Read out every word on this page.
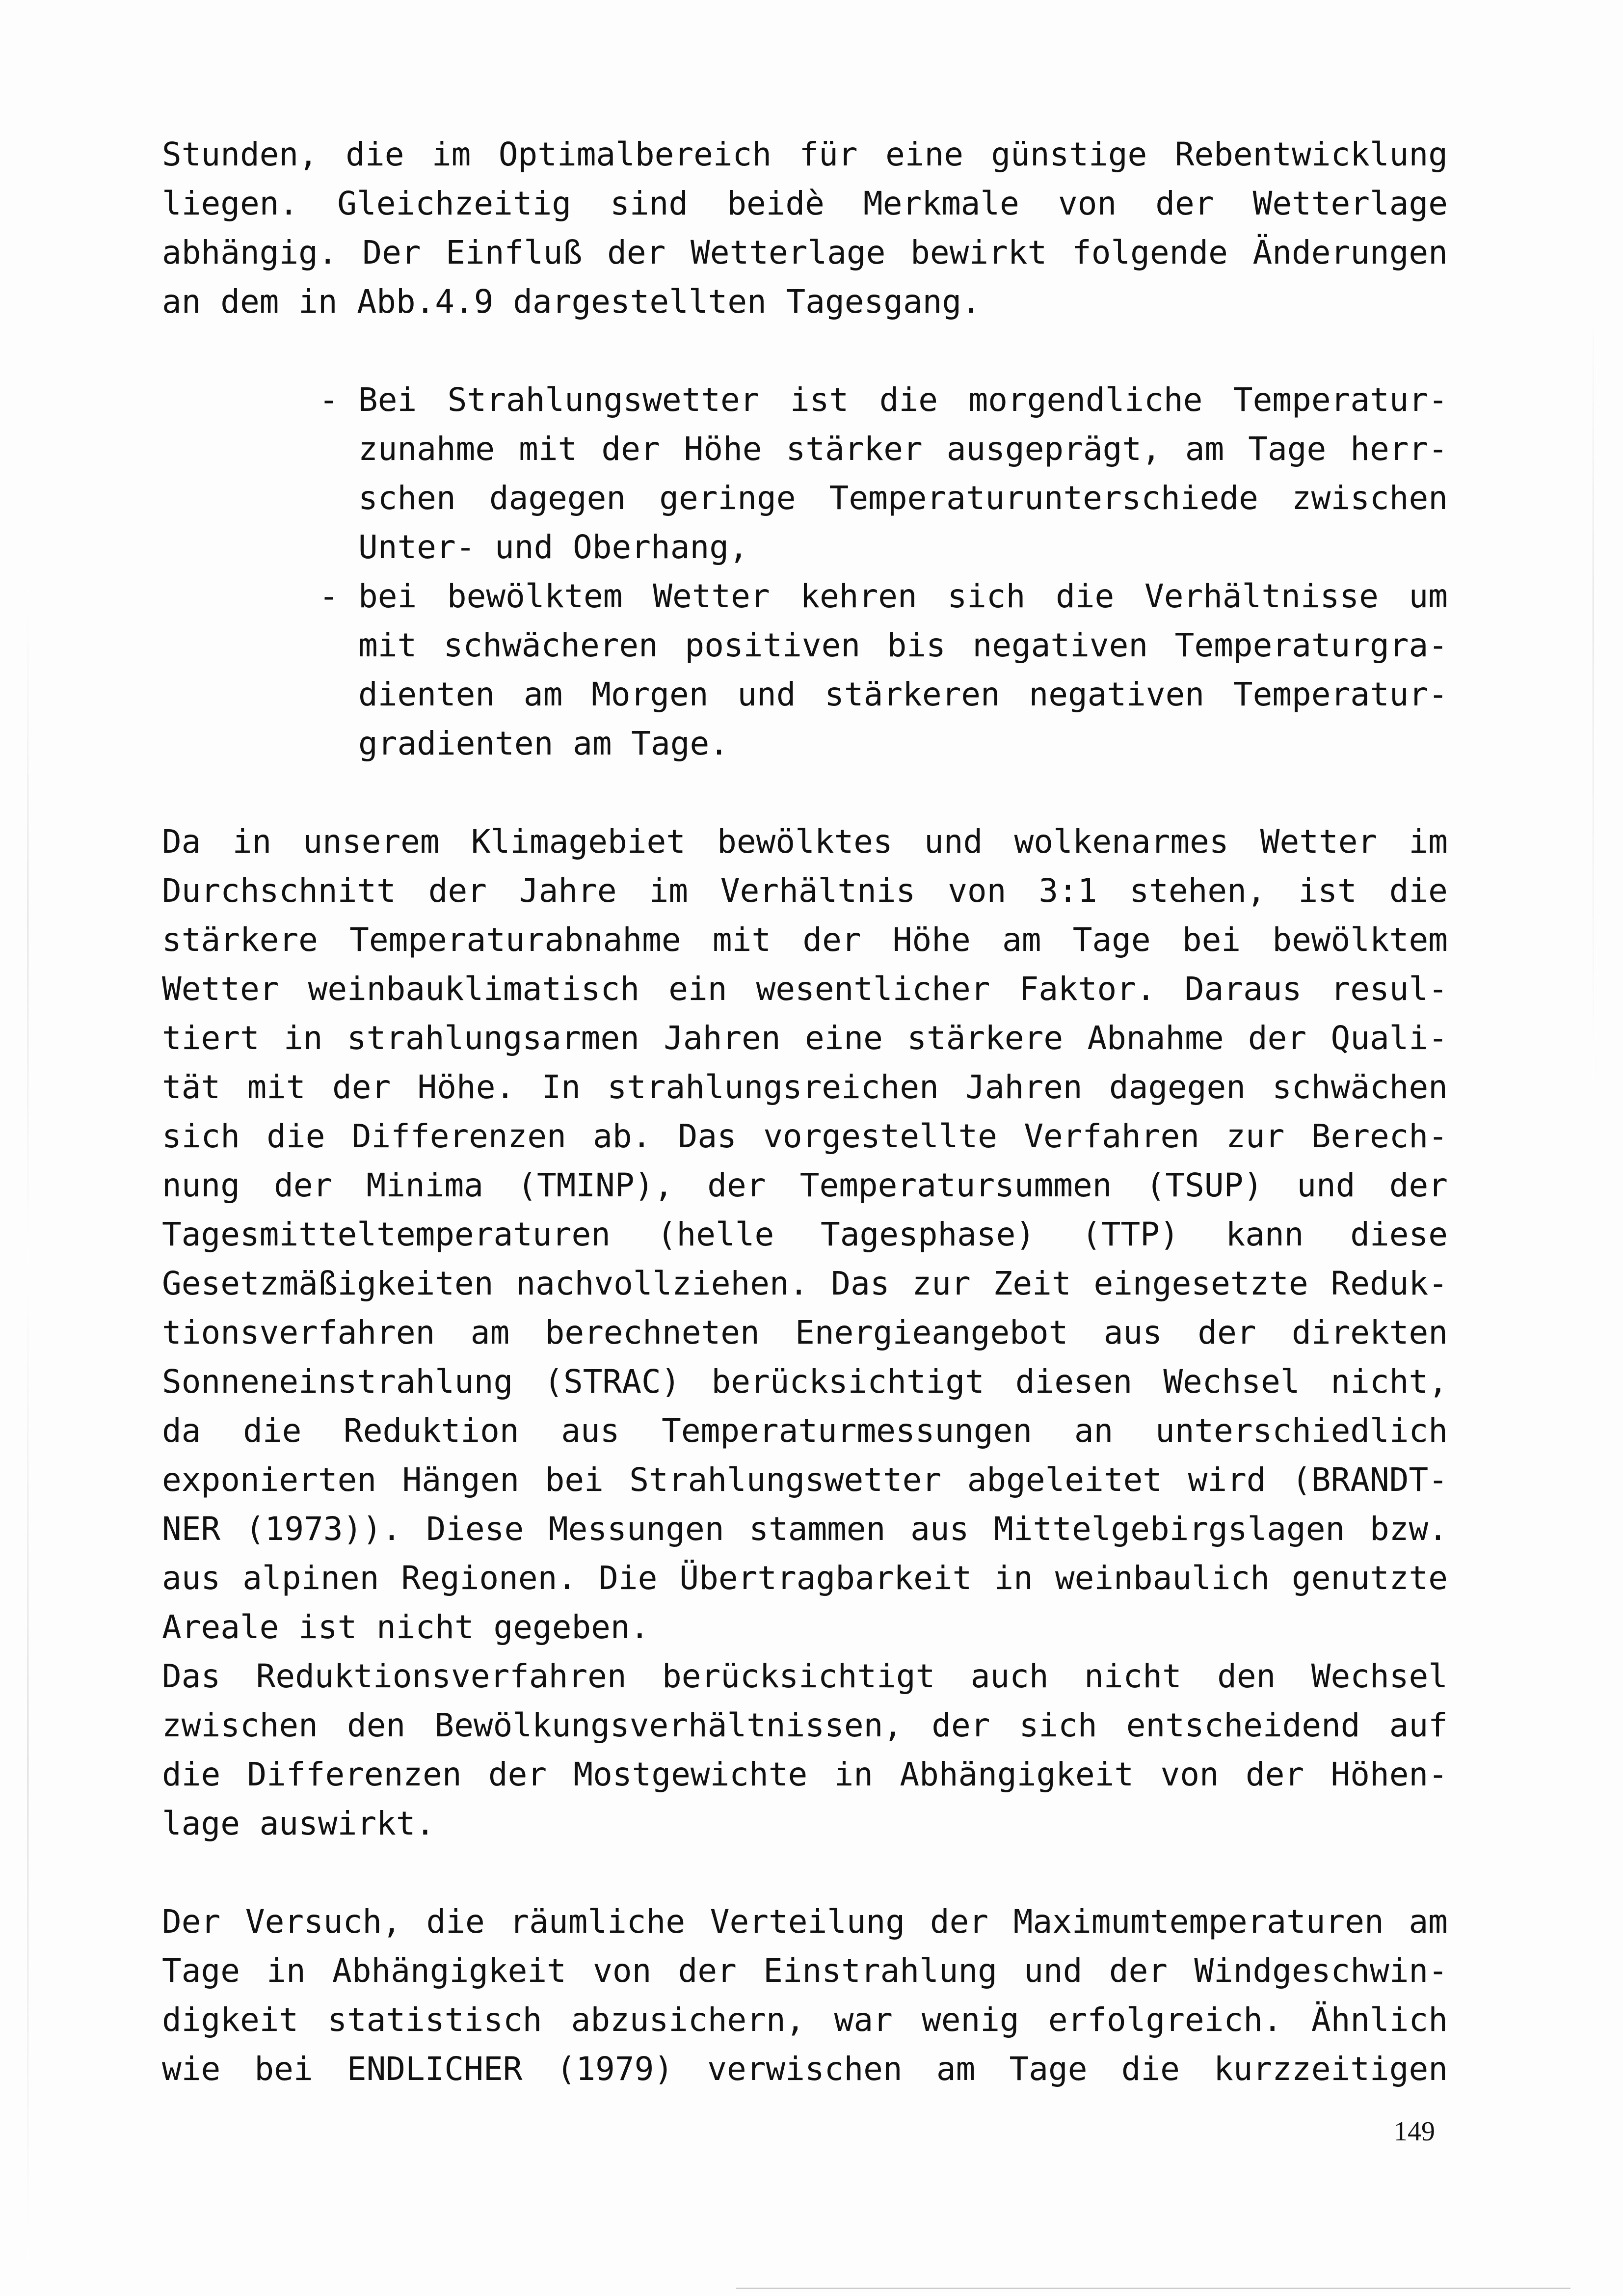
Stunden, die im Optimalbereich für eine günstige Rebentwicklung
liegen. Gleichzeitig sind beidè Merkmale von der Wetterlage
abhängig. Der Einfluß der Wetterlage bewirkt folgende Änderungen
an dem in Abb.4.9 dargestellten Tagesgang.
- Bei Strahlungswetter ist die morgendliche Temperatur-
zunahme mit der Höhe stärker ausgeprägt, am Tage herr-
schen dagegen geringe Temperaturunterschiede zwischen
Unter- und Oberhang,
- bei bewölktem Wetter kehren sich die Verhältnisse um
mit schwächeren positiven bis negativen Temperaturgra-
dienten am Morgen und stärkeren negativen Temperatur-
gradienten am Tage.
Da in unserem Klimagebiet bewölktes und wolkenarmes Wetter im
Durchschnitt der Jahre im Verhältnis von 3:1 stehen, ist die
stärkere Temperaturabnahme mit der Höhe am Tage bei bewölktem
Wetter weinbauklimatisch ein wesentlicher Faktor. Daraus resul-
tiert in strahlungsarmen Jahren eine stärkere Abnahme der Quali-
tät mit der Höhe. In strahlungsreichen Jahren dagegen schwächen
sich die Differenzen ab. Das vorgestellte Verfahren zur Berech-
nung der Minima (TMINP), der Temperatursummen (TSUP) und der
Tagesmitteltemperaturen (helle Tagesphase) (TTP) kann diese
Gesetzmäßigkeiten nachvollziehen. Das zur Zeit eingesetzte Reduk-
tionsverfahren am berechneten Energieangebot aus der direkten
Sonneneinstrahlung (STRAC) berücksichtigt diesen Wechsel nicht,
da die Reduktion aus Temperaturmessungen an unterschiedlich
exponierten Hängen bei Strahlungswetter abgeleitet wird (BRANDT-
NER (1973)). Diese Messungen stammen aus Mittelgebirgslagen bzw.
aus alpinen Regionen. Die Übertragbarkeit in weinbaulich genutzte
Areale ist nicht gegeben.
Das Reduktionsverfahren berücksichtigt auch nicht den Wechsel
zwischen den Bewölkungsverhältnissen, der sich entscheidend auf
die Differenzen der Mostgewichte in Abhängigkeit von der Höhen-
lage auswirkt.
Der Versuch, die räumliche Verteilung der Maximumtemperaturen am
Tage in Abhängigkeit von der Einstrahlung und der Windgeschwin-
digkeit statistisch abzusichern, war wenig erfolgreich. Ähnlich
wie bei ENDLICHER (1979) verwischen am Tage die kurzzeitigen
149
